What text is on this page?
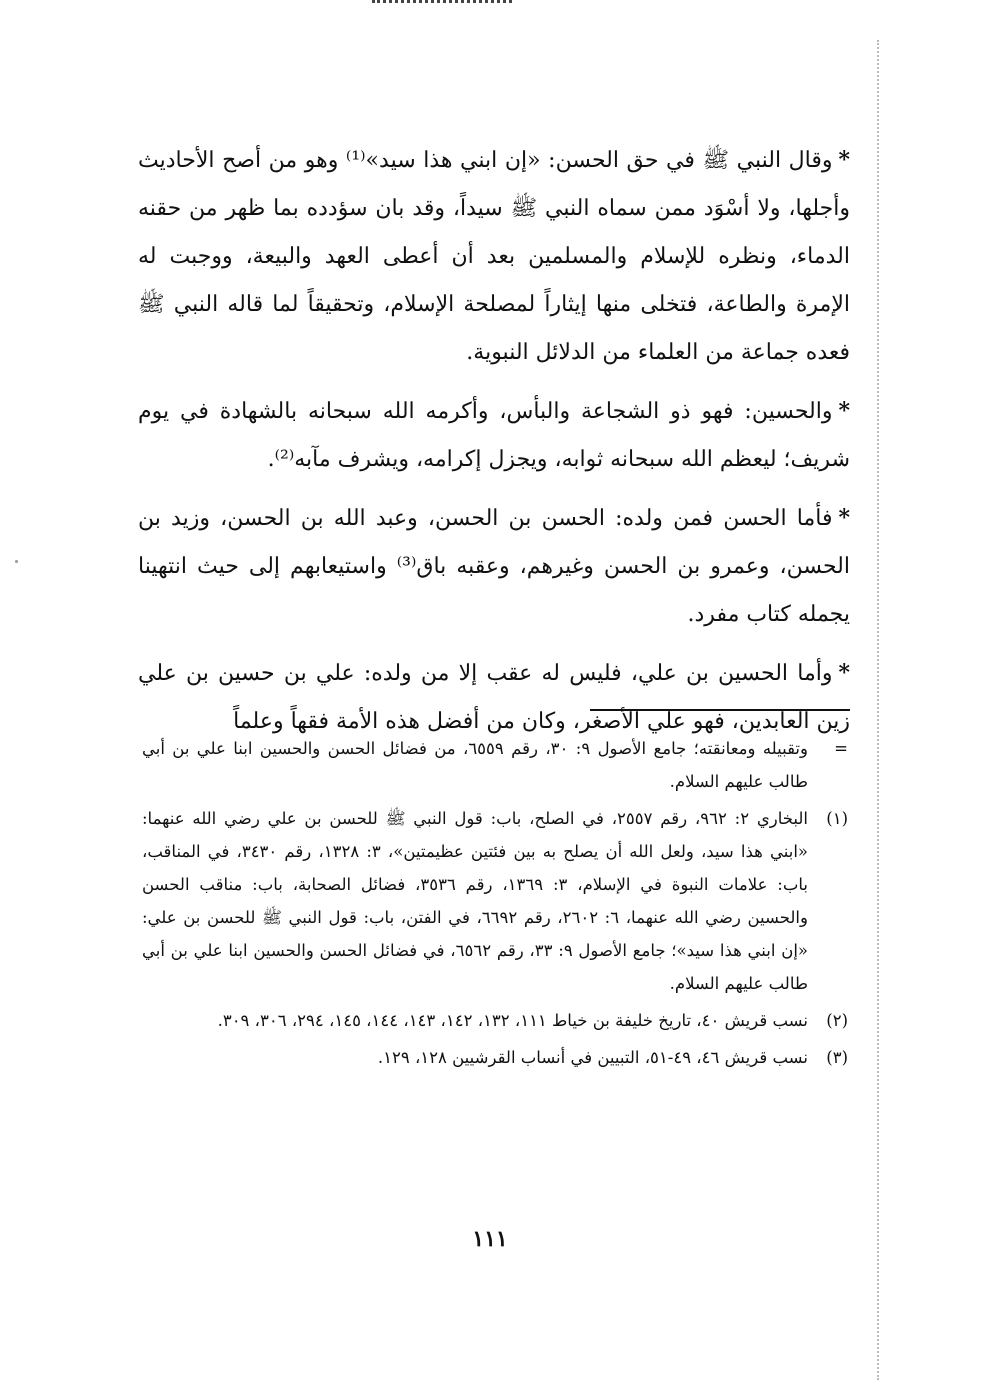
*وقال النبي ﷺ في حق الحسن: «إن ابني هذا سيد»⁽¹⁾ وهو من أصح الأحاديث وأجلها، ولا أسْوَد ممن سماه النبي ﷺ سيداً، وقد بان سؤدده بما ظهر من حقنه الدماء، ونظره للإسلام والمسلمين بعد أن أعطى العهد والبيعة، ووجبت له الإمرة والطاعة، فتخلى منها إيثاراً لمصلحة الإسلام، وتحقيقاً لما قاله النبي ﷺ فعده جماعة من العلماء من الدلائل النبوية.

*والحسين: فهو ذو الشجاعة والبأس، وأكرمه الله سبحانه بالشهادة في يوم شريف؛ ليعظم الله سبحانه ثوابه، ويجزل إكرامه، ويشرف مآبه⁽²⁾.

*فأما الحسن فمن ولده: الحسن بن الحسن، وعبد الله بن الحسن، وزيد بن الحسن، وعمرو بن الحسن وغيرهم، وعقبه باق⁽³⁾ واستيعابهم إلى حيث انتهينا يجمله كتاب مفرد.

*وأما الحسين بن علي، فليس له عقب إلا من ولده: علي بن حسين بن علي زين العابدين، فهو علي الأصغر، وكان من أفضل هذه الأمة فقهاً وعلماً

=
وتقبيله ومعانقته؛ جامع الأصول ٩: ٣٠، رقم ٦٥٥٩، من فضائل الحسن والحسين ابنا علي بن أبي طالب عليهم السلام.
(١)
البخاري ٢: ٩٦٢، رقم ٢٥٥٧، في الصلح، باب: قول النبي ﷺ للحسن بن علي رضي الله عنهما: «ابني هذا سيد، ولعل الله أن يصلح به بين فئتين عظيمتين»، ٣: ١٣٢٨، رقم ٣٤٣٠، في المناقب، باب: علامات النبوة في الإسلام، ٣: ١٣٦٩، رقم ٣٥٣٦، فضائل الصحابة، باب: مناقب الحسن والحسين رضي الله عنهما، ٦: ٢٦٠٢، رقم ٦٦٩٢، في الفتن، باب: قول النبي ﷺ للحسن بن علي: «إن ابني هذا سيد»؛ جامع الأصول ٩: ٣٣، رقم ٦٥٦٢، في فضائل الحسن والحسين ابنا علي بن أبي طالب عليهم السلام.
(٢)
نسب قريش ٤٠، تاريخ خليفة بن خياط ١١١، ١٣٢، ١٤٢، ١٤٣، ١٤٤، ١٤٥، ٢٩٤، ٣٠٦، ٣٠٩.
(٣)
نسب قريش ٤٦، ٤٩-٥١، التبيين في أنساب القرشيين ١٢٨، ١٢٩.
١١١
